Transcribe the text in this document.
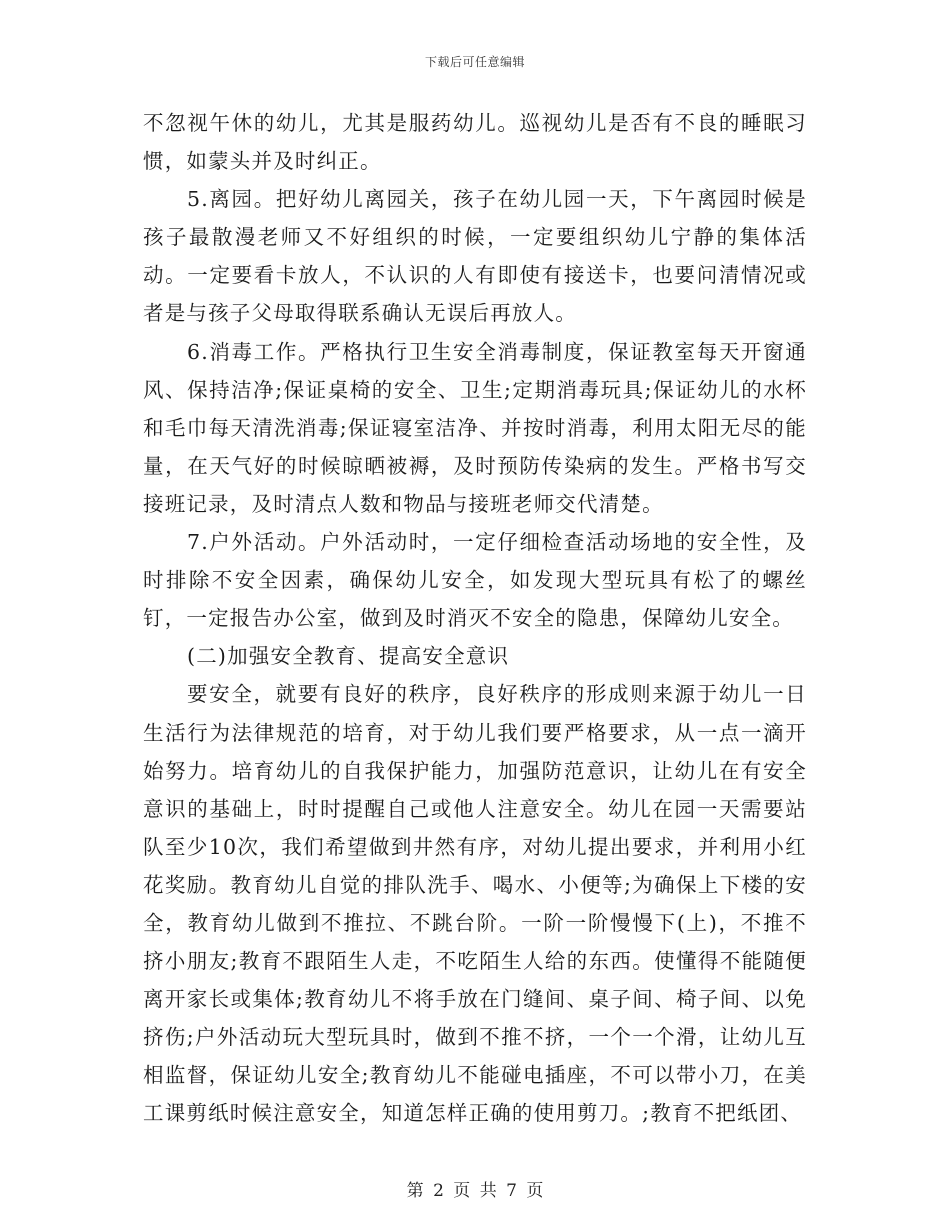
下载后可任意编辑

不忽视午休的幼儿，尤其是服药幼儿。巡视幼儿是否有不良的睡眠习惯，如蒙头并及时纠正。

5.离园。把好幼儿离园关，孩子在幼儿园一天，下午离园时候是孩子最散漫老师又不好组织的时候，一定要组织幼儿宁静的集体活动。一定要看卡放人，不认识的人有即使有接送卡，也要问清情况或者是与孩子父母取得联系确认无误后再放人。

6.消毒工作。严格执行卫生安全消毒制度，保证教室每天开窗通风、保持洁净;保证桌椅的安全、卫生;定期消毒玩具;保证幼儿的水杯和毛巾每天清洗消毒;保证寝室洁净、并按时消毒，利用太阳无尽的能量，在天气好的时候晾晒被褥，及时预防传染病的发生。严格书写交接班记录，及时清点人数和物品与接班老师交代清楚。

7.户外活动。户外活动时，一定仔细检查活动场地的安全性，及时排除不安全因素，确保幼儿安全，如发现大型玩具有松了的螺丝钉，一定报告办公室，做到及时消灭不安全的隐患，保障幼儿安全。

(二)加强安全教育、提高安全意识

要安全，就要有良好的秩序，良好秩序的形成则来源于幼儿一日生活行为法律规范的培育，对于幼儿我们要严格要求，从一点一滴开始努力。培育幼儿的自我保护能力，加强防范意识，让幼儿在有安全意识的基础上，时时提醒自己或他人注意安全。幼儿在园一天需要站队至少10次，我们希望做到井然有序，对幼儿提出要求，并利用小红花奖励。教育幼儿自觉的排队洗手、喝水、小便等;为确保上下楼的安全，教育幼儿做到不推拉、不跳台阶。一阶一阶慢慢下(上)，不推不挤小朋友;教育不跟陌生人走，不吃陌生人给的东西。使懂得不能随便离开家长或集体;教育幼儿不将手放在门缝间、桌子间、椅子间、以免挤伤;户外活动玩大型玩具时，做到不推不挤，一个一个滑，让幼儿互相监督，保证幼儿安全;教育幼儿不能碰电插座，不可以带小刀，在美工课剪纸时候注意安全，知道怎样正确的使用剪刀。;教育不把纸团、

第 2 页 共 7 页
